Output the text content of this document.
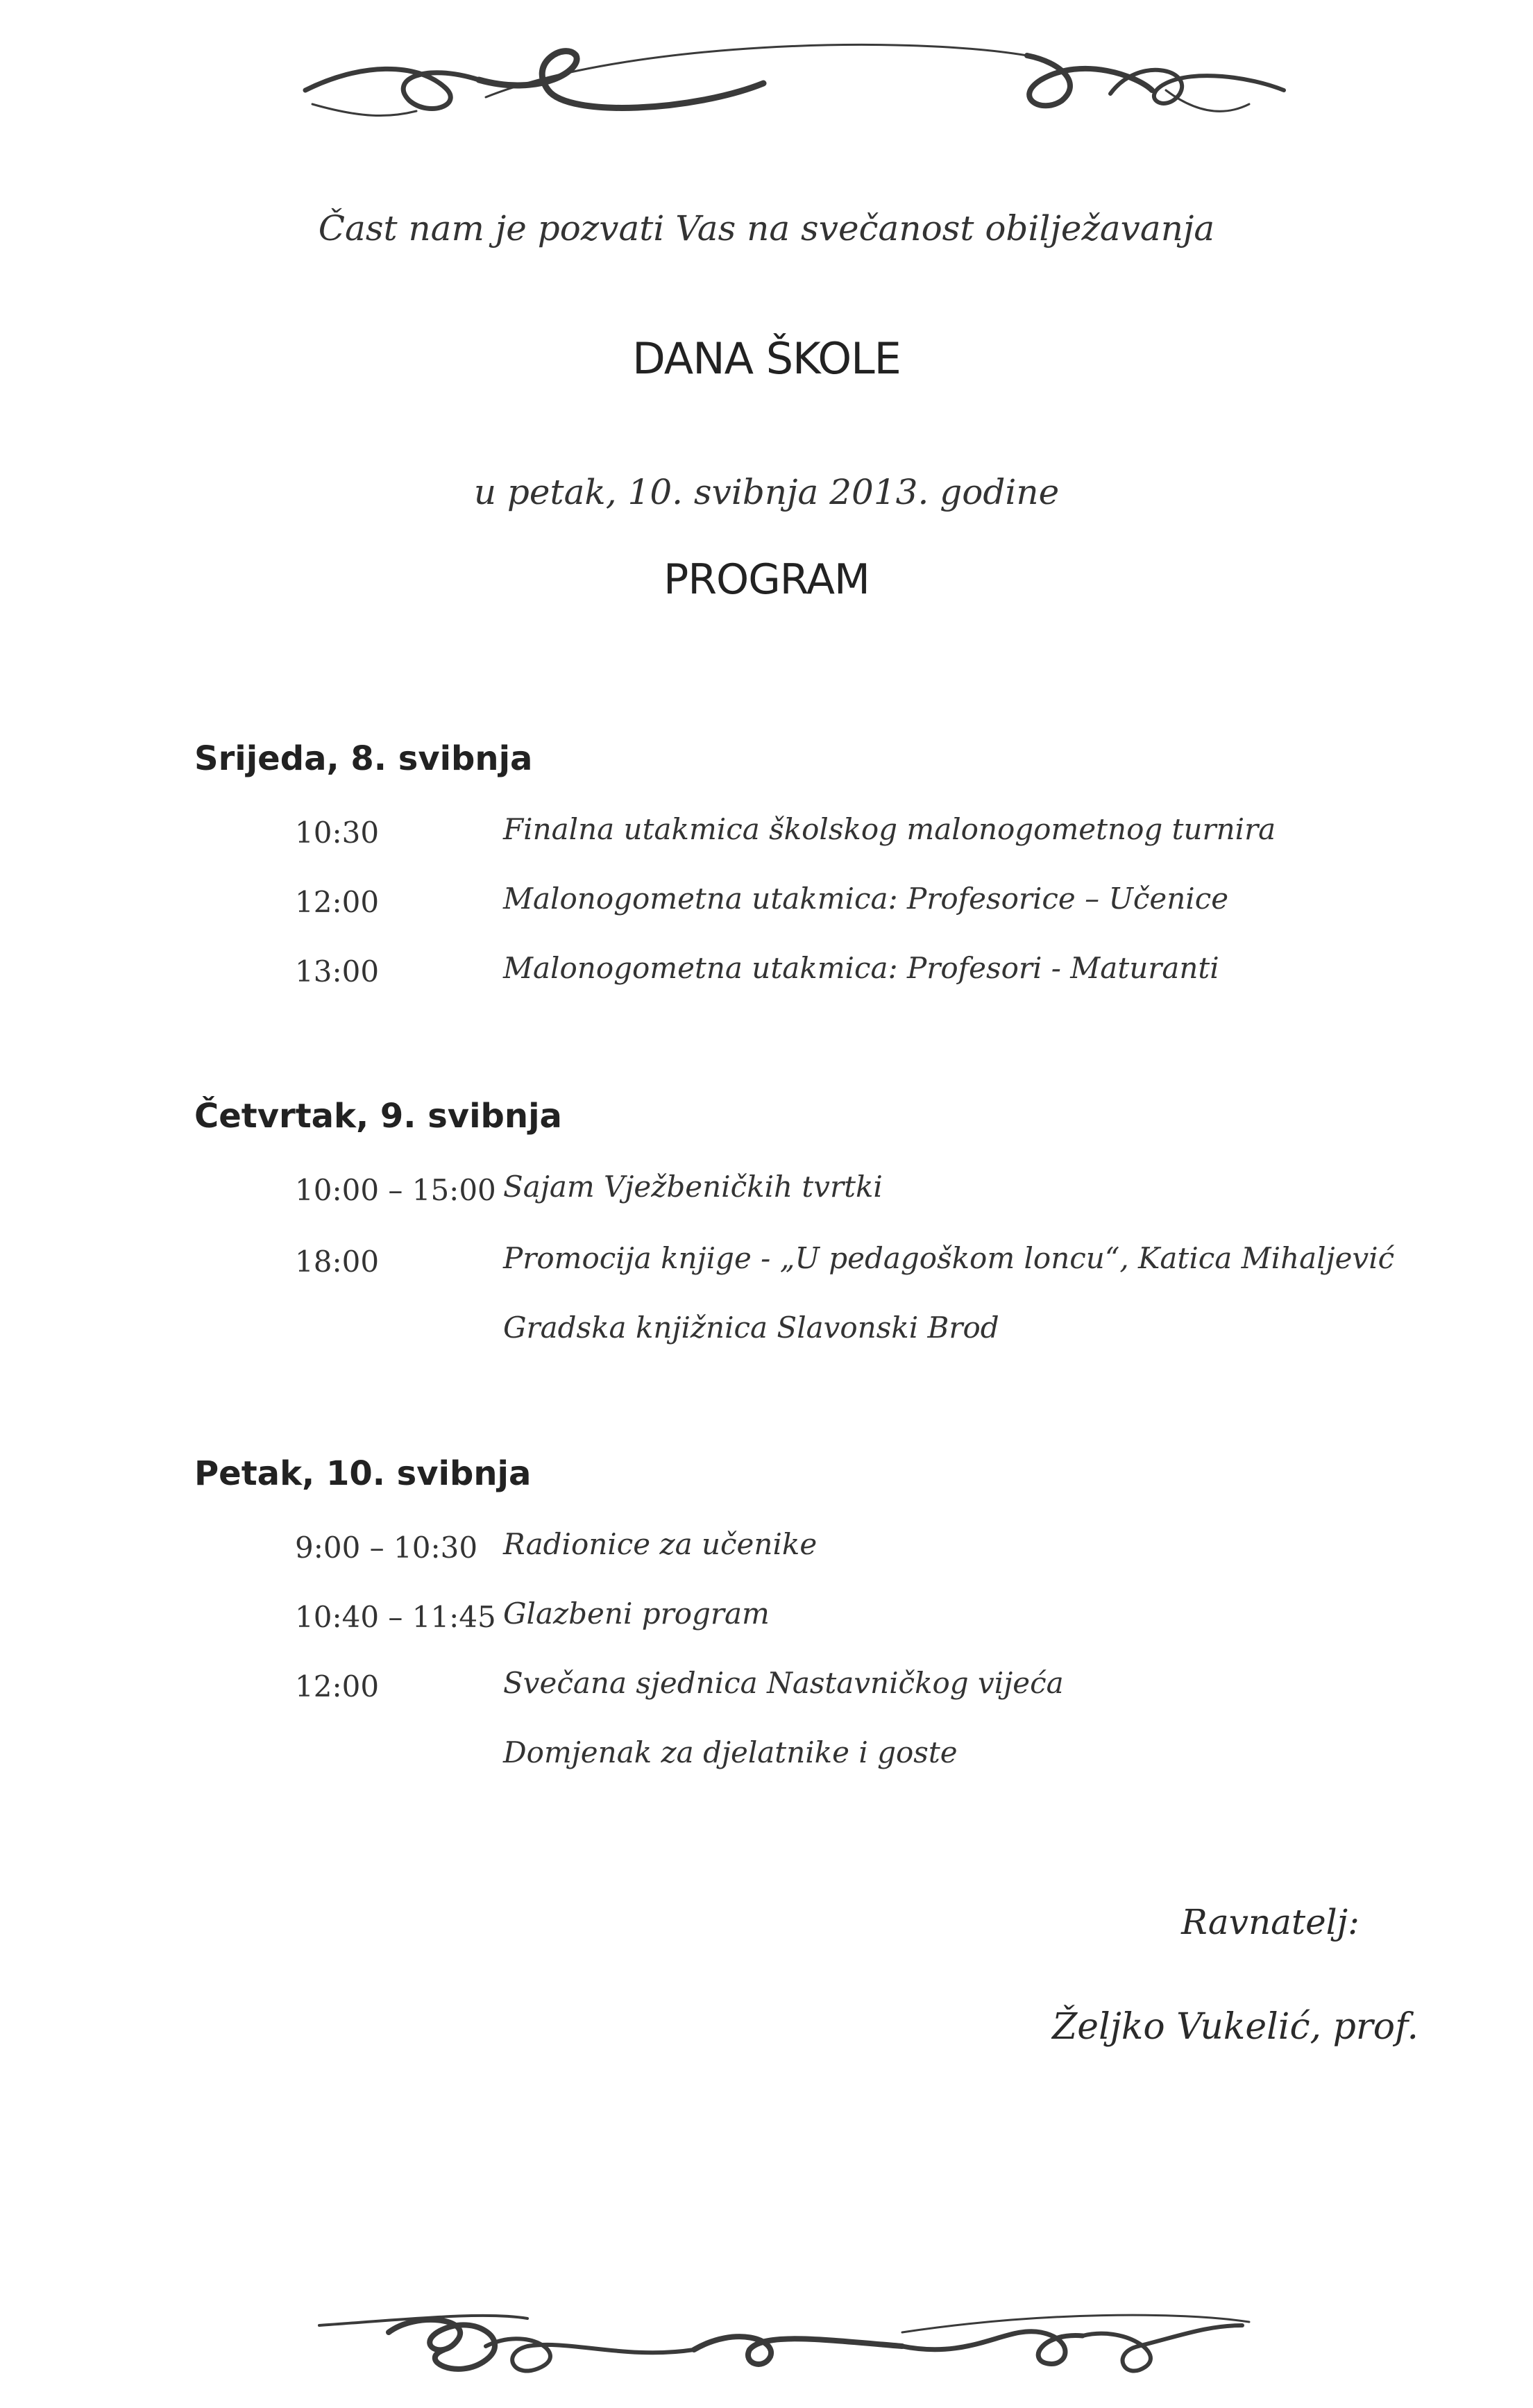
Čast nam je pozvati Vas na svečanost obilježavanja
DANA ŠKOLE
u petak, 10. svibnja 2013. godine
PROGRAM
Srijeda, 8. svibnja
10:30	Finalna utakmica školskog malonogometnog turnira
12:00	Malonogometna utakmica: Profesorice – Učenice
13:00	Malonogometna utakmica: Profesori - Maturanti
Četvrtak, 9. svibnja
10:00 – 15:00 Sajam Vježbeničkih tvrtki
18:00	Promocija knjige - „U pedagoškom loncu“, Katica Mihaljević
Gradska knjižnica Slavonski Brod
Petak, 10. svibnja
9:00 – 10:30 Radionice za učenike
10:40 – 11:45 Glazbeni program
12:00	Svečana sjednica Nastavničkog vijeća
Domjenak za djelatnike i goste
Ravnatelj:
Željko Vukelić, prof.
